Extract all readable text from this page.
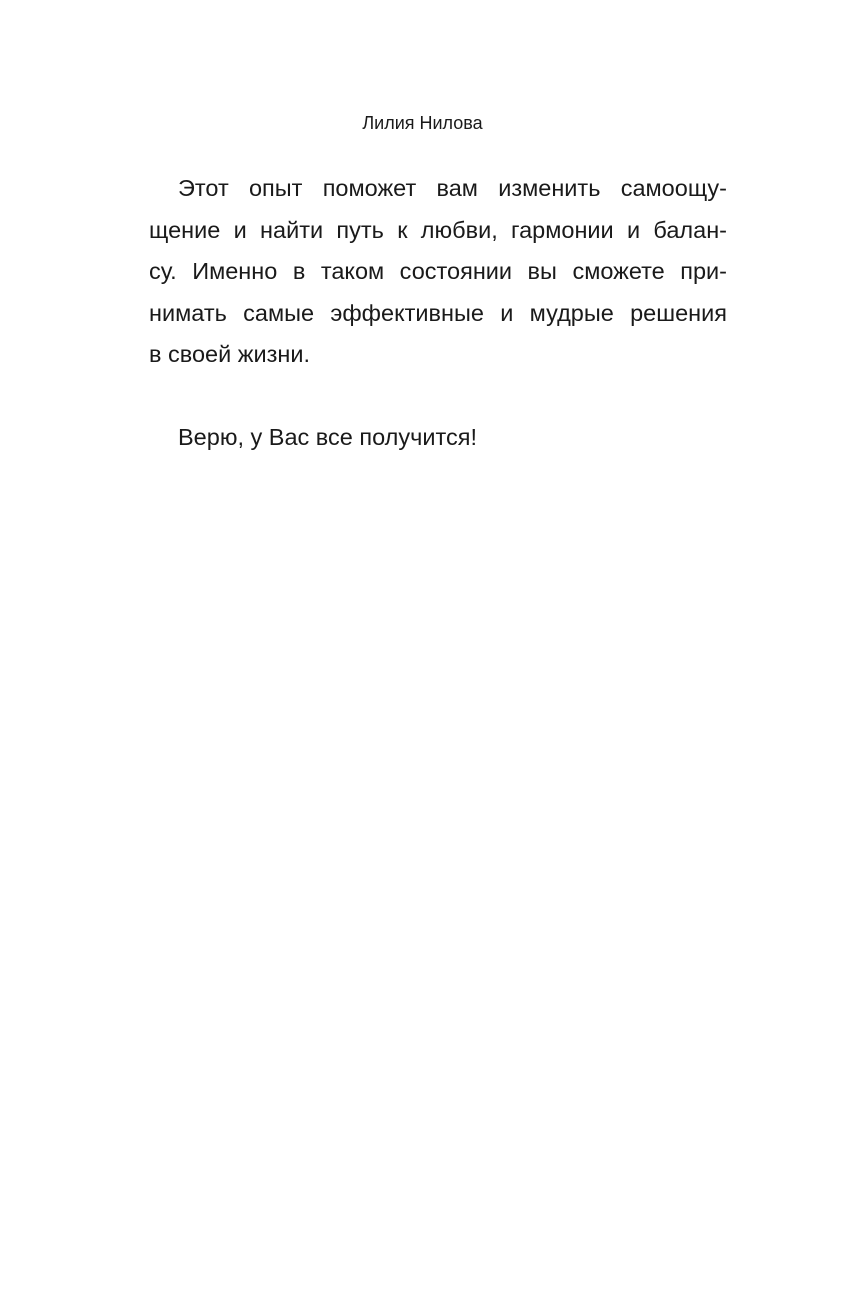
Лилия Нилова

Этот опыт поможет вам изменить самоощу-
щение и найти путь к любви, гармонии и балан-
су. Именно в таком состоянии вы сможете при-
нимать самые эффективные и мудрые решения
в своей жизни.

Верю, у Вас все получится!
